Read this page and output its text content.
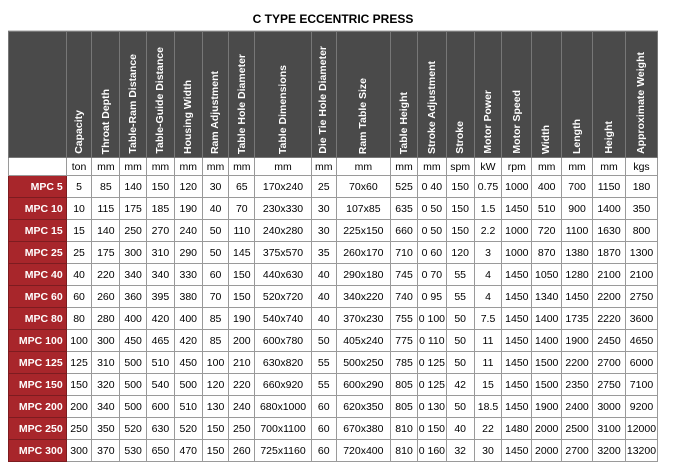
C TYPE ECCENTRIC PRESS
	Capacity	Throat Depth	Table-Ram Distance	Table-Guide Distance	Housing Width	Ram Adjustment	Table Hole Diameter	Table Dimensions	Die Tie Hole Diameter	Ram Table Size	Table Height	Stroke Adjustment	Stroke	Motor Power	Motor Speed	Width	Length	Height	Approximate Weight
	ton	mm	mm	mm	mm	mm	mm	mm	mm	mm	mm	mm	spm	kW	rpm	mm	mm	mm	kgs
MPC 5	5	85	140	150	120	30	65	170x240	25	70x60	525	0 40	150	0.75	1000	400	700	1150	180
MPC 10	10	115	175	185	190	40	70	230x330	30	107x85	635	0 50	150	1.5	1450	510	900	1400	350
MPC 15	15	140	250	270	240	50	110	240x280	30	225x150	660	0 50	150	2.2	1000	720	1100	1630	800
MPC 25	25	175	300	310	290	50	145	375x570	35	260x170	710	0 60	120	3	1000	870	1380	1870	1300
MPC 40	40	220	340	340	330	60	150	440x630	40	290x180	745	0 70	55	4	1450	1050	1280	2100	2100
MPC 60	60	260	360	395	380	70	150	520x720	40	340x220	740	0 95	55	4	1450	1340	1450	2200	2750
MPC 80	80	280	400	420	400	85	190	540x740	40	370x230	755	0 100	50	7.5	1450	1400	1735	2220	3600
MPC 100	100	300	450	465	420	85	200	600x780	50	405x240	775	0 110	50	11	1450	1400	1900	2450	4650
MPC 125	125	310	500	510	450	100	210	630x820	55	500x250	785	0 125	50	11	1450	1500	2200	2700	6000
MPC 150	150	320	500	540	500	120	220	660x920	55	600x290	805	0 125	42	15	1450	1500	2350	2750	7100
MPC 200	200	340	500	600	510	130	240	680x1000	60	620x350	805	0 130	50	18.5	1450	1900	2400	3000	9200
MPC 250	250	350	520	630	520	150	250	700x1100	60	670x380	810	0 150	40	22	1480	2000	2500	3100	12000
MPC 300	300	370	530	650	470	150	260	725x1160	60	720x400	810	0 160	32	30	1450	2000	2700	3200	13200
